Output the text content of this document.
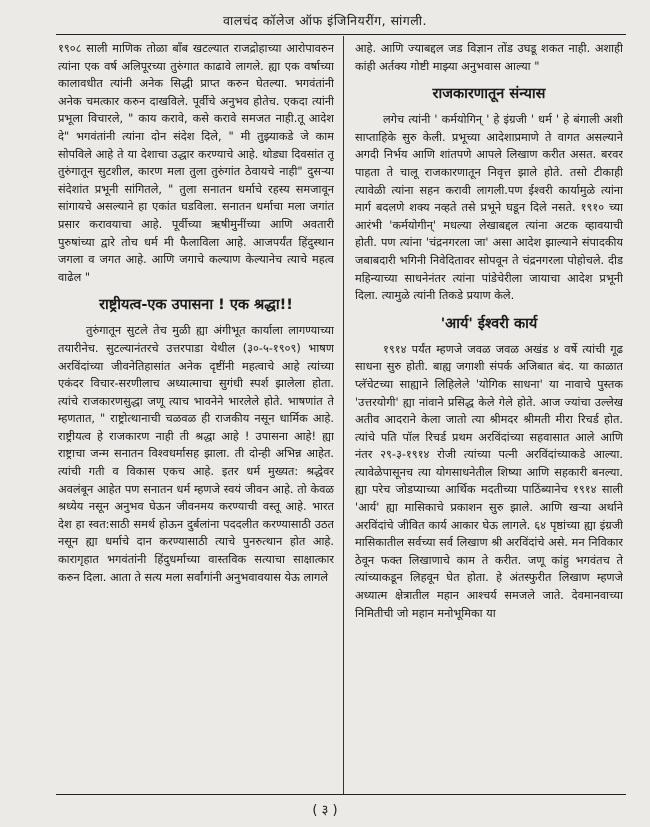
वालचंद कॉलेज ऑफ इंजिनियरींग, सांगली.

१९०८ साली माणिक तोळा बाँब खटल्यात राजद्रोहाच्या आरोपावरुन त्यांना एक वर्ष अलिपूरच्या तुरुंगात काढावे लागले. ह्या एक वर्षाच्या कालावधीत त्यांनी अनेक सिद्धी प्राप्त करुन घेतल्या. भगवंतांनी अनेक चमत्कार करुन दाखविले. पूर्वीचे अनुभव होतेच. एकदा त्यांनी प्रभूला विचारले, " काय करावे, कसे करावे समजत नाही.तू आदेश दे" भगवंतांनी त्यांना दोन संदेश दिले, " मी तुझ्याकडे जे काम सोपविले आहे ते या देशाचा उद्धार करण्याचे आहे. थोड्या दिवसांत तू तुरुंगातून सुटशील, कारण मला तुला तुरुंगांत ठेवायचे नाही" दुसऱ्या संदेशांत प्रभूनी सांगितले, " तुला सनातन धर्माचे रहस्य समजावून सांगायचे असल्याने हा एकांत घडविला. सनातन धर्माचा मला जगांत प्रसार करावयाचा आहे. पूर्वीच्या ऋषीमुनींच्या आणि अवतारी पुरुषांच्या द्वारे तोच धर्म मी फैलाविला आहे. आजपर्यंत हिंदुस्थान जगला व जगत आहे. आणि जगाचे कल्याण केल्यानेच त्याचे महत्व वाढेल "

राष्ट्रीयत्व-एक उपासना ! एक श्रद्धा!!

तुरुंगातून सुटले तेच मुळी ह्या अंगीभूत कार्याला लागण्याच्या तयारीनेच. सुटल्यानंतरचे उत्तरपाडा येथील (३०-५-१९०९) भाषण अरविंदांच्या जीवनेतिहासांत अनेक दृष्टींनी महत्वाचे आहे त्यांच्या एकंदर विचार-सरणीलाच अध्यात्माचा सुगंधी स्पर्श झालेला होता. त्यांचे राजकारणसुद्धा जणू त्याच भावनेने भारलेले होते. भाषणांत ते म्हणतात, " राष्ट्रोत्थानाची चळवळ ही राजकीय नसून धार्मिक आहे. राष्ट्रीयत्व हे राजकारण नाही ती श्रद्धा आहे ! उपासना आहे! ह्या राष्ट्राचा जन्म सनातन विश्वधर्मासह झाला. ती दोन्ही अभिन्न आहेत. त्यांची गती व विकास एकच आहे. इतर धर्म मुख्यत: श्रद्धेवर अवलंबून आहेत पण सनातन धर्म म्हणजे स्वयं जीवन आहे. तो केवळ श्रध्येय नसून अनुभव घेऊन जीवनमय करण्याची वस्तू आहे. भारत देश हा स्वत:साठी समर्थ होऊन दुर्बलांना पददलीत करण्यासाठी उठत नसून ह्या धर्माचे दान करण्यासाठी त्याचे पुनरुत्थान होत आहे. कारागृहात भगवंतांनी हिंदुधर्माच्या वास्तविक सत्याचा साक्षात्कार करुन दिला. आता ते सत्य मला सर्वांगांनी अनुभवावयास येऊ लागले

आहे. आणि ज्याबद्दल जड विज्ञान तोंड उघडू शकत नाही. अशाही कांही अर्तक्य गोष्टी माझ्या अनुभवास आल्या "

राजकारणातून संन्यास

लगेच त्यांनी ' कर्मयोगिन् ' हे इंग्रजी ' धर्म ' हे बंगाली अशी साप्ताहिके सुरु केली. प्रभूच्या आदेशाप्रमाणे ते वागत असल्याने अगदी निर्भय आणि शांतपणे आपले लिखाण करीत असत. बरवर पाहता ते चालू राजकारणातून निवृत्त झाले होते. तसो टीकाही त्यावेळी त्यांना सहन करावी लागली.पण ईश्वरी कार्यामुळे त्यांना मार्ग बदलणे शक्य नव्हते तसे प्रभूने घडून दिले नसते. १९१० च्या आरंभी 'कर्मयोगीन्' मधल्या लेखाबद्दल त्यांना अटक व्हावयाची होती. पण त्यांना 'चंद्रनगरला जा' असा आदेश झाल्याने संपादकीय जबाबदारी भगिनी निवेदितावर सोपवून ते चंद्रनगरला पोहोचले. दीड महिन्याच्या साधनेनंतर त्यांना पांडेचेरीला जायाचा आदेश प्रभूनी दिला. त्यामुळे त्यांनी तिकडे प्रयाण केले.

'आर्य' ईश्वरी कार्य

१९१४ पर्यंत म्हणजे जवळ जवळ अखंड ४ वर्षे त्यांची गूढ साधना सुरु होती. बाह्य जगाशी संपर्क अजिबात बंद. या काळात प्लॅचेटच्या साह्याने लिहिलेले 'योगिक साधना' या नावाचे पुस्तक 'उत्तरयोगी' ह्या नांवाने प्रसिद्ध केले गेले होते. आज ज्यांचा उल्लेख अतीव आदराने केला जातो त्या श्रीमदर श्रीमती मीरा रिचर्ड होत. त्यांचे पति पॉल रिचर्ड प्रथम अरविंदांच्या सहवासात आले आणि नंतर २९-३-१९१४ रोजी त्यांच्या पत्नी अरविंदांच्याकडे आल्या. त्यावेळेपासूनच त्या योगसाधनेतील शिष्या आणि सहकारी बनल्या. ह्या परेच जोडप्याच्या आर्थिक मदतीच्या पाठिंब्यानेच १९१४ साली 'आर्य' ह्या मासिकाचे प्रकाशन सुरु झाले. आणि खऱ्या अर्थाने अरविंदांचे जीवित कार्य आकार घेऊ लागले. ६४ पृष्ठांच्या ह्या इंग्रजी मासिकातील सर्वच्या सर्व लिखाण श्री अरविंदांचे असे. मन निविकार ठेवून फक्त लिखाणाचे काम ते करीत. जणू कांहु भगवंतच ते त्यांच्याकडून लिहवून घेत होता. हे अंतस्फुरीत लिखाण म्हणजे अध्यात्म क्षेत्रातील महान आश्चर्य समजले जाते. देवमानवाच्या निमितीची जो महान मनोभूमिका या

( ३ )
